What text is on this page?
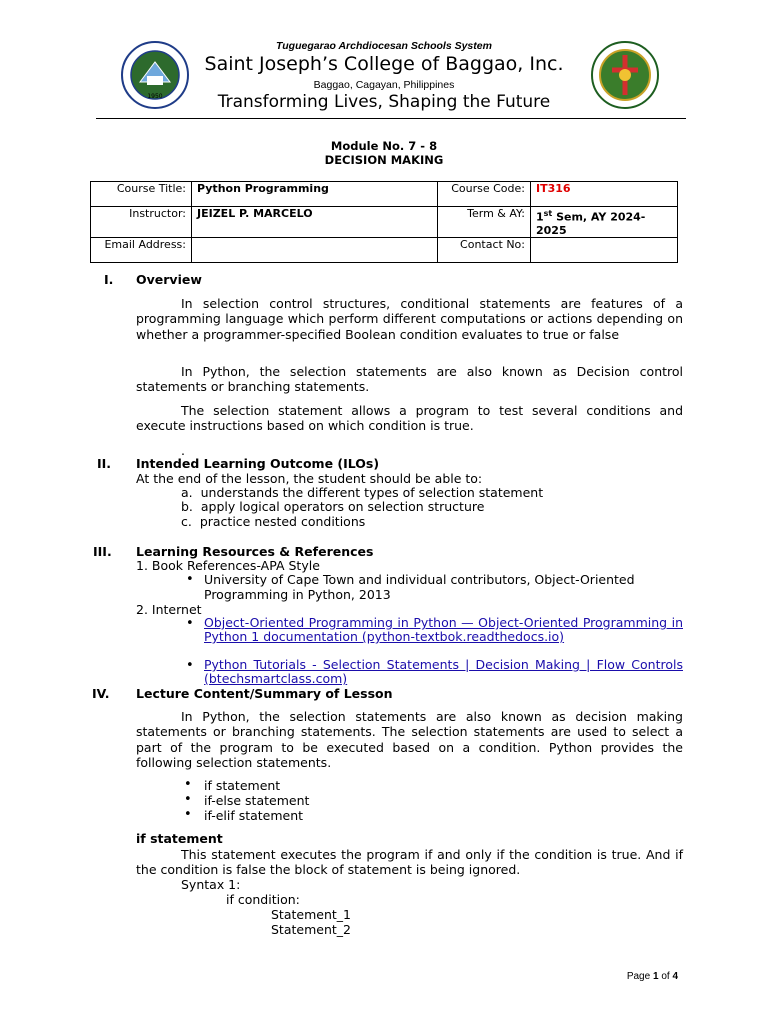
1950
Tuguegarao Archdiocesan Schools System
Saint Joseph’s College of Baggao, Inc.
Baggao, Cagayan, Philippines
Transforming Lives, Shaping the Future
Module No. 7 - 8
DECISION MAKING
Course Title:	Python Programming	Course Code:	IT316
Instructor:	JEIZEL P. MARCELO	Term & AY:	1st Sem, AY 2024-2025
Email Address:		Contact No:	
I. Overview
In selection control structures, conditional statements are features of a programming language which perform different computations or actions depending on whether a programmer-specified Boolean condition evaluates to true or false
In Python, the selection statements are also known as Decision control statements or branching statements.
The selection statement allows a program to test several conditions and execute instructions based on which condition is true.
.
II. Intended Learning Outcome (ILOs)
At the end of the lesson, the student should be able to:
a. understands the different types of selection statement
b. apply logical operators on selection structure
c. practice nested conditions
III. Learning Resources & References
1. Book References-APA Style
• University of Cape Town and individual contributors, Object-Oriented Programming in Python, 2013
2. Internet
• Object-Oriented Programming in Python — Object-Oriented Programming in Python 1 documentation (python-textbok.readthedocs.io)
• Python Tutorials - Selection Statements | Decision Making | Flow Controls (btechsmartclass.com)
IV. Lecture Content/Summary of Lesson
In Python, the selection statements are also known as decision making statements or branching statements. The selection statements are used to select a part of the program to be executed based on a condition. Python provides the following selection statements.
• if statement
• if-else statement
• if-elif statement
if statement
This statement executes the program if and only if the condition is true. And if the condition is false the block of statement is being ignored.
Syntax 1:
if condition:
Statement_1
Statement_2
Page 1 of 4
